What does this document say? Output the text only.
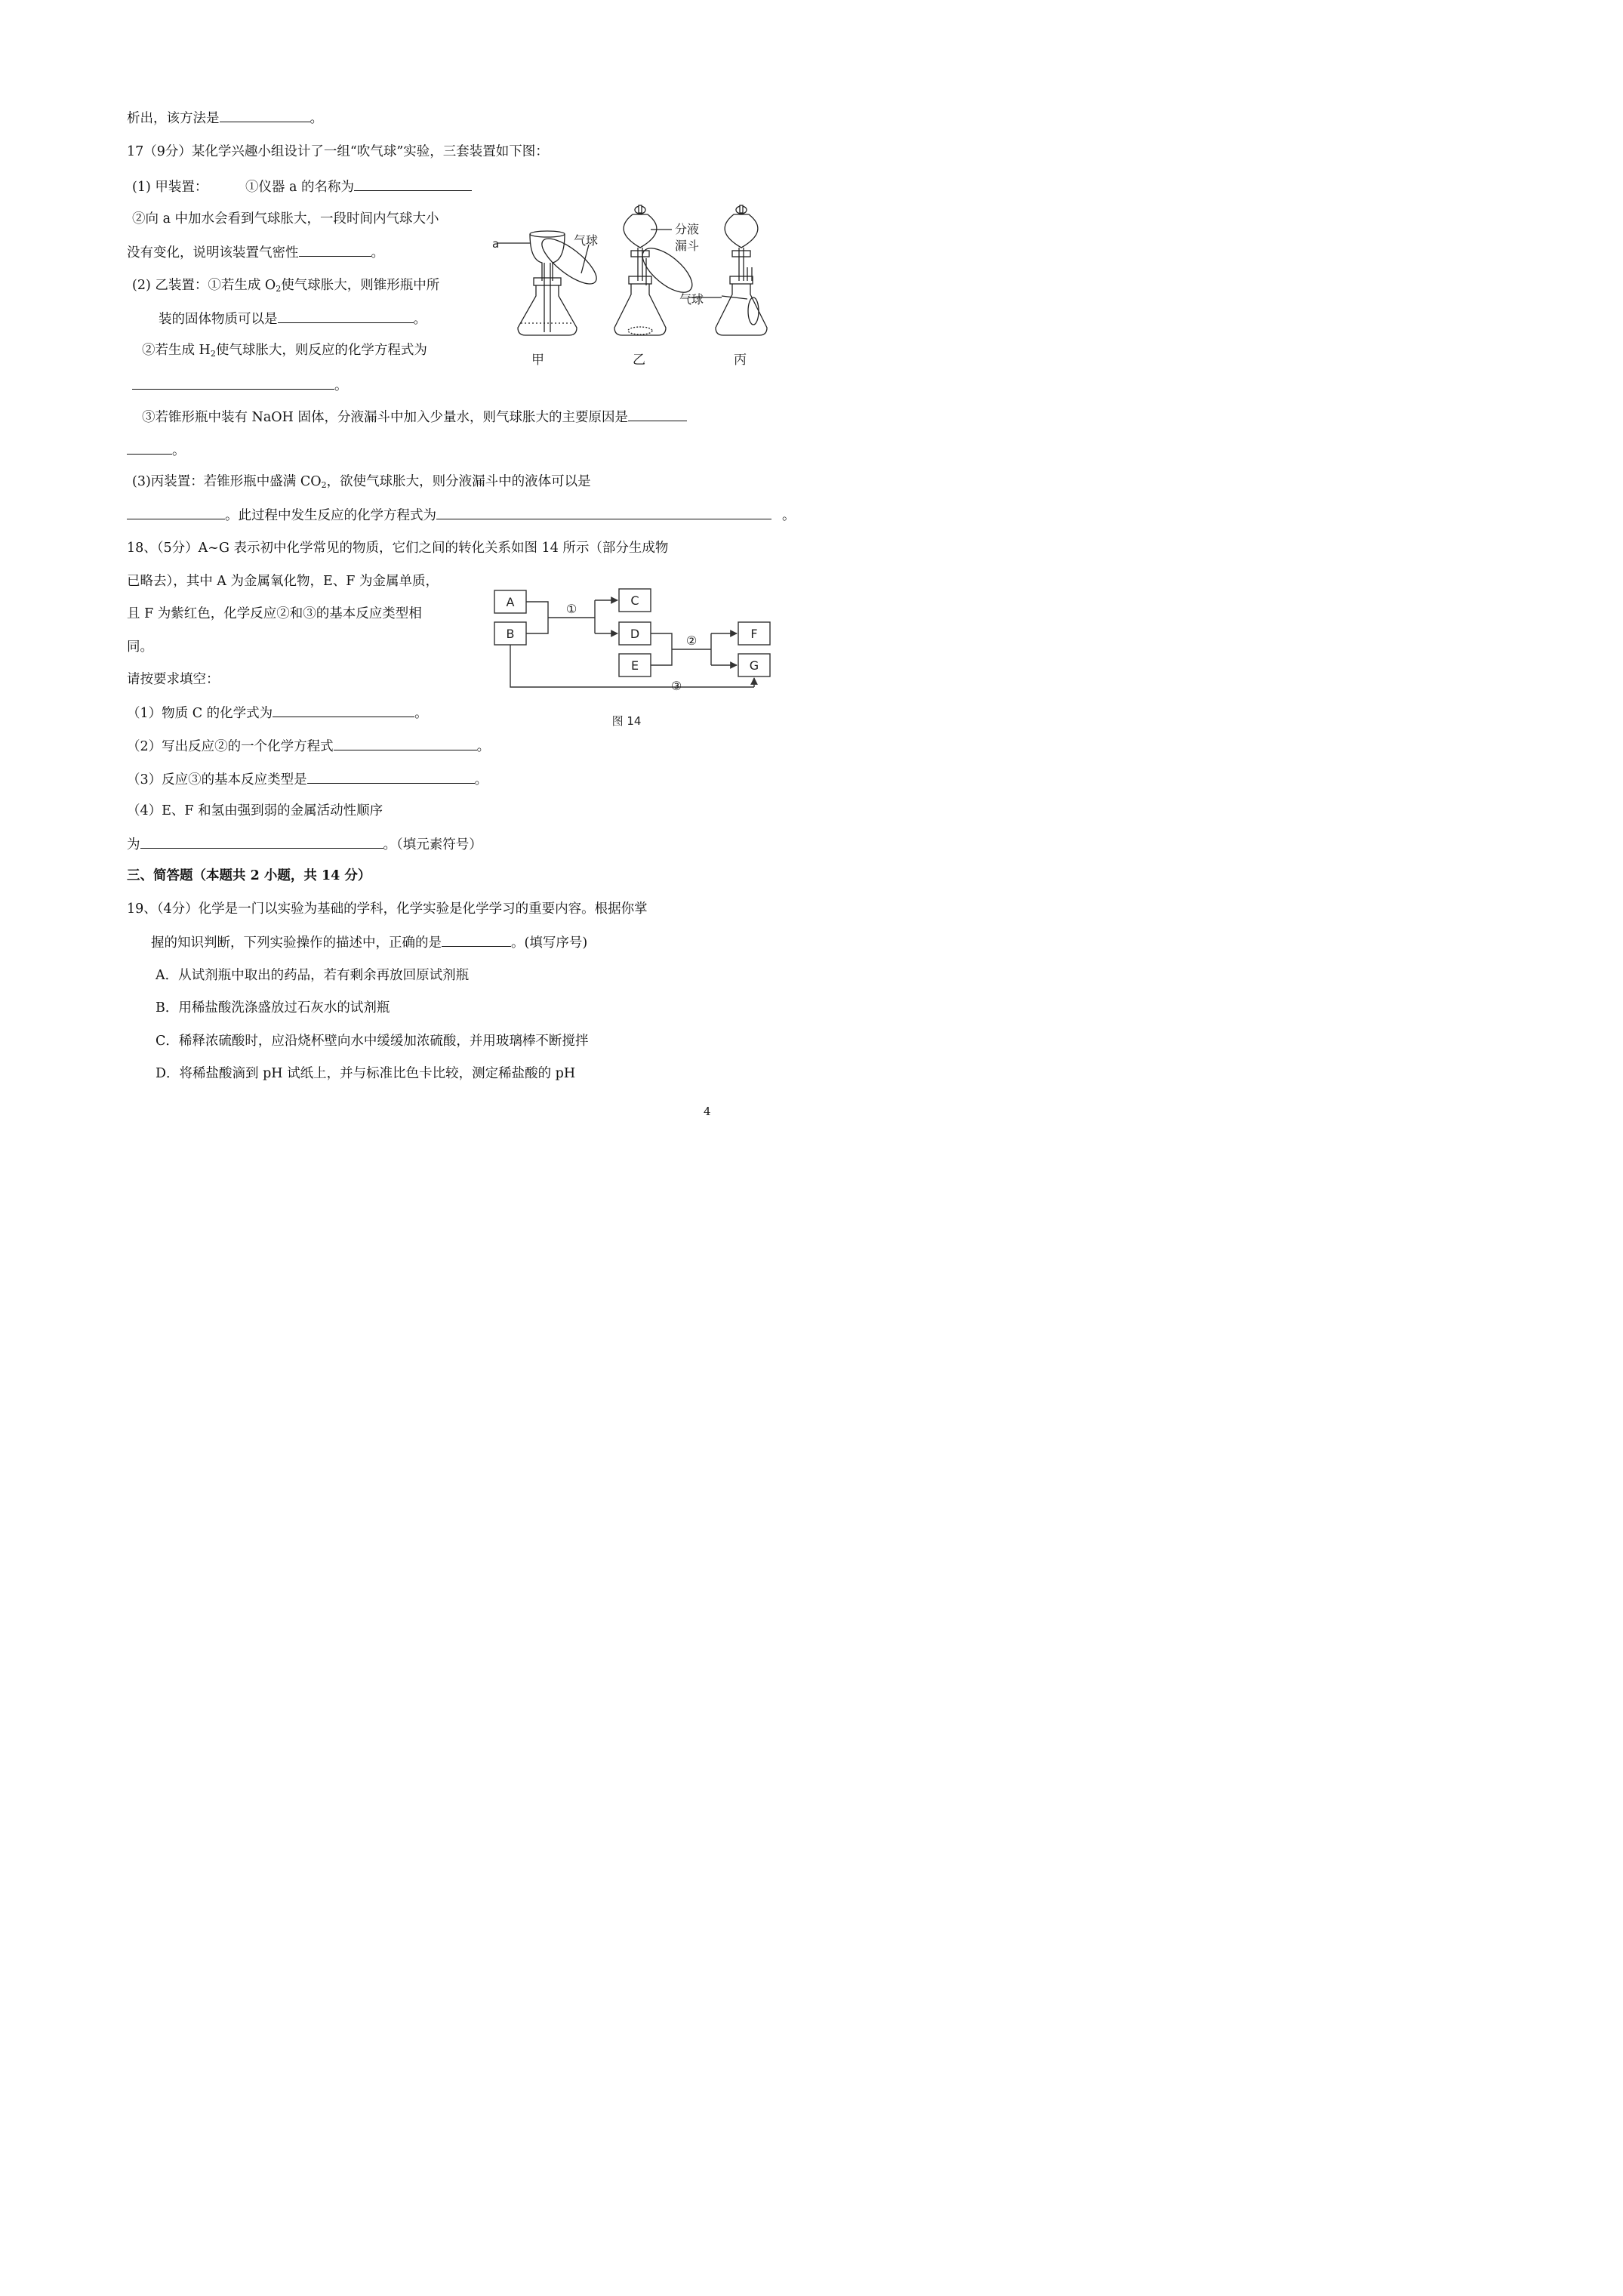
析出，该方法是	。
17（9分）某化学兴趣小组设计了一组“吹气球”实验，三套装置如下图：
(1) 甲装置：	①仪器 a 的名称为
②向 a 中加水会看到气球胀大，一段时间内气球大小
没有变化，说明该装置气密性	。
(2) 乙装置：①若生成 $O_2$使气球胀大，则锥形瓶中所
装的固体物质可以是	。
②若生成 $H_2$使气球胀大，则反应的化学方程式为
。
③若锥形瓶中装有 NaOH 固体，分液漏斗中加入少量水，则气球胀大的主要原因是
。
(3)丙装置：若锥形瓶中盛满 $CO_2$，欲使气球胀大，则分液漏斗中的液体可以是
。此过程中发生反应的化学方程式为	。
a	气球
分液
漏斗
气球
甲	乙	丙
18、（5分）A~G 表示初中化学常见的物质，它们之间的转化关系如图 14 所示（部分生成物
已略去），其中 A 为金属氧化物，E、F 为金属单质，
且 F 为紫红色，化学反应②和③的基本反应类型相
同。
请按要求填空：
（1）物质 C 的化学式为	。
（2）写出反应②的一个化学方程式	。
（3）反应③的基本反应类型是	。
（4）E、F 和氢由强到弱的金属活动性顺序
为	。（填元素符号）
A
B
C
D
E
F
G
①
②
③
图 14
三、简答题（本题共 2 小题，共 14 分）
19、（4分）化学是一门以实验为基础的学科，化学实验是化学学习的重要内容。根据你掌
握的知识判断，下列实验操作的描述中，正确的是	。(填写序号)
A．从试剂瓶中取出的药品，若有剩余再放回原试剂瓶
B．用稀盐酸洗涤盛放过石灰水的试剂瓶
C．稀释浓硫酸时，应沿烧杯壁向水中缓缓加浓硫酸，并用玻璃棒不断搅拌
D．将稀盐酸滴到 pH 试纸上，并与标准比色卡比较，测定稀盐酸的 pH
4
